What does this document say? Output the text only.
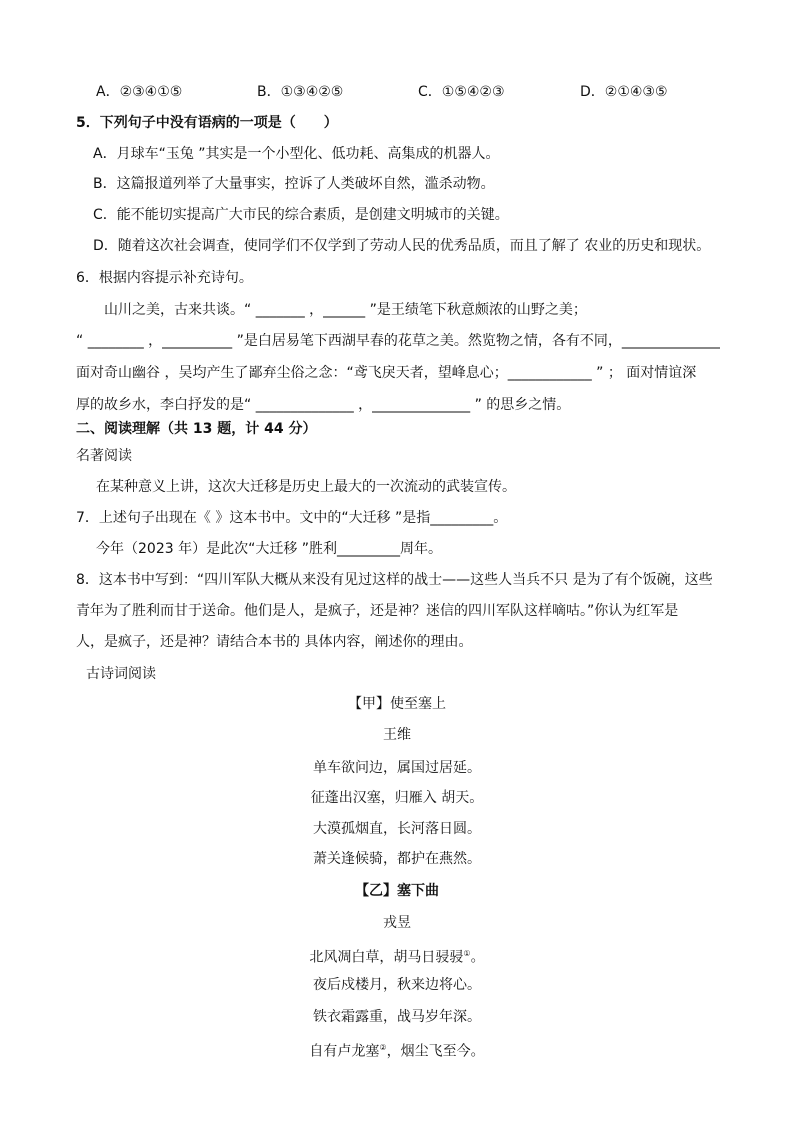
A．②③④①⑤	B．①③④②⑤	C．①⑤④②③	D．②①④③⑤
5．下列句子中没有语病的一项是（　　）
A．月球车“玉兔 ”其实是一个小型化、低功耗、高集成的机器人。
B．这篇报道列举了大量事实，控诉了人类破坏自然，滥杀动物。
C．能不能切实提高广大市民的综合素质，是创建文明城市的关键。
D．随着这次社会调查，使同学们不仅学到了劳动人民的优秀品质，而且了解了 农业的历史和现状。
6．根据内容提示补充诗句。
山川之美，古来共谈。“ _______ ，______ ”是王绩笔下秋意颇浓的山野之美；
“ ________ ，__________ ”是白居易笔下西湖早春的花草之美。然览物之情，各有不同，______________
面对奇山幽谷 ，吴均产生了鄙弃尘俗之念：“鸢飞戾天者，望峰息心；____________ ” ； 面对情谊深
厚的故乡水，李白抒发的是“ ______________ ，______________ ” 的思乡之情。
二、阅读理解（共 13 题，计 44 分）
名著阅读
在某种意义上讲，这次大迁移是历史上最大的一次流动的武装宣传。
7．上述句子出现在《 》这本书中。文中的“大迁移 ”是指_________。
今年（2023 年）是此次“大迁移 ”胜利_________周年。
8．这本书中写到：“四川军队大概从来没有见过这样的战士——这些人当兵不只 是为了有个饭碗，这些
青年为了胜利而甘于送命。他们是人，是疯子，还是神？迷信的四川军队这样嘀咕。”你认为红军是
人，是疯子，还是神？请结合本书的 具体内容，阐述你的理由。
古诗词阅读
【甲】使至塞上
王维
单车欲问边，属国过居延。
征蓬出汉塞，归雁入 胡天。
大漠孤烟直，长河落日圆。
萧关逢候骑，都护在燕然。
【乙】塞下曲
戎昱
北风凋白草，胡马日骎骎①。
夜后戍楼月，秋来边将心。
铁衣霜露重，战马岁年深。
自有卢龙塞②，烟尘飞至今。
